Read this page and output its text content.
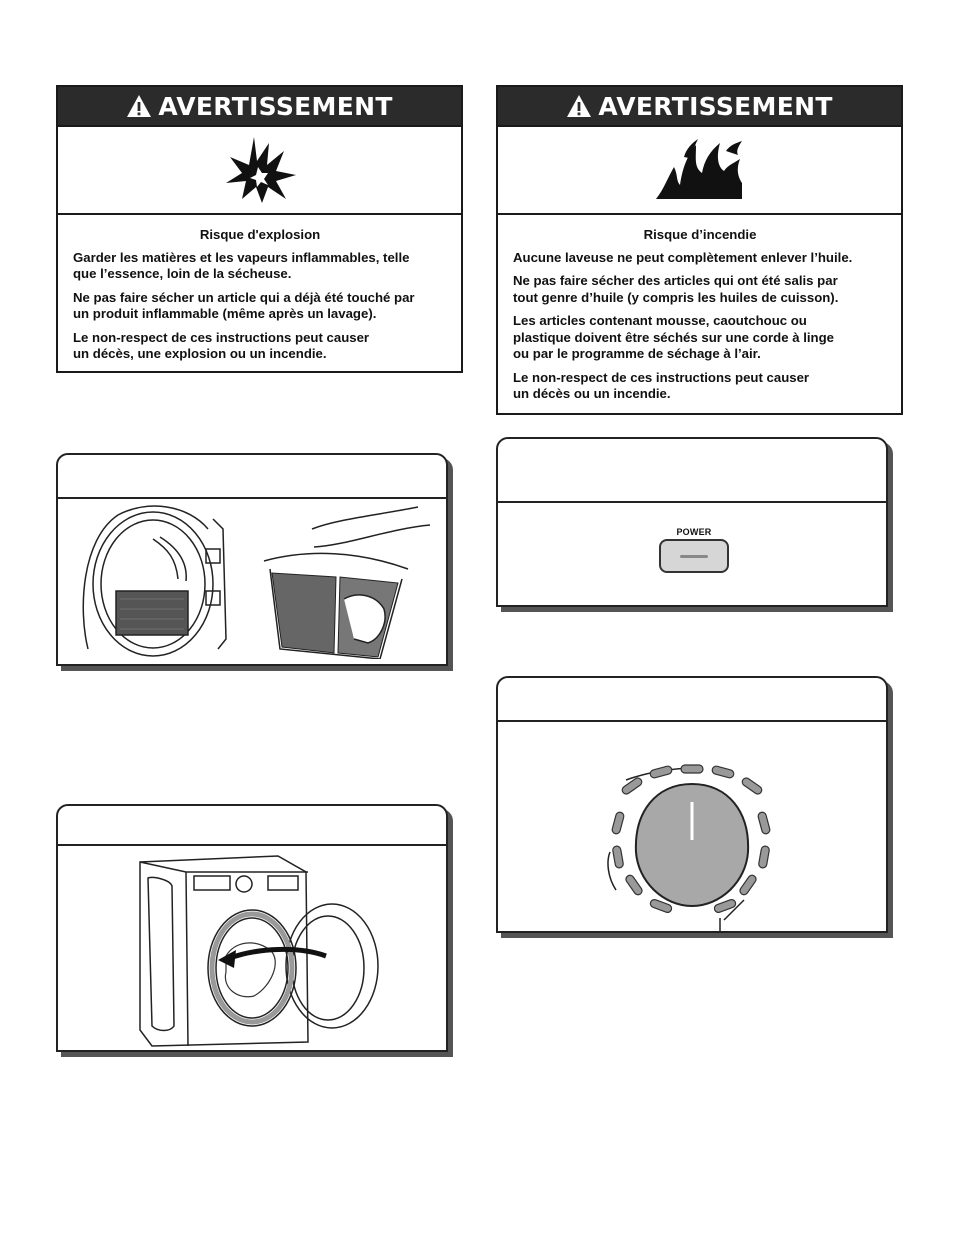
AVERTISSEMENT

Risque d'explosion

Garder les matières et les vapeurs inflammables, telle
que l’essence, loin de la sécheuse.

Ne pas faire sécher un article qui a déjà été touché par
un produit inflammable (même après un lavage).

Le non-respect de ces instructions peut causer
un décès, une explosion ou un incendie.

AVERTISSEMENT

Risque d’incendie

Aucune laveuse ne peut complètement enlever l’huile.

Ne pas faire sécher des articles qui ont été salis par
tout genre d’huile (y compris les huiles de cuisson).

Les articles contenant mousse, caoutchouc ou
plastique doivent être séchés sur une corde à linge
ou par le programme de séchage à l’air.

Le non-respect de ces instructions peut causer
un décès ou un incendie.

POWER
